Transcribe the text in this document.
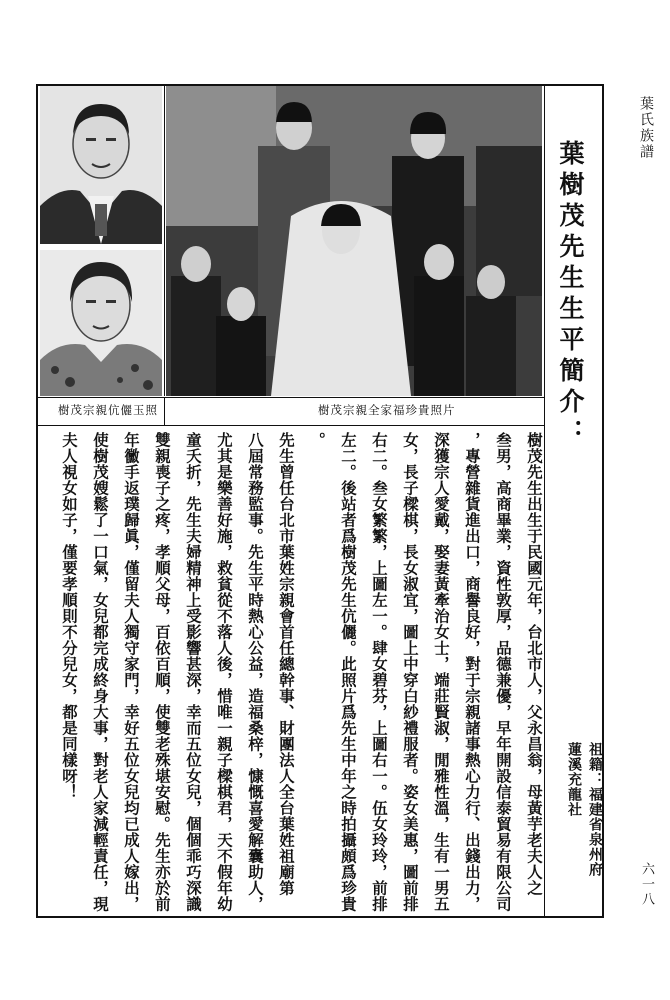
葉氏族譜
六一八
樹茂宗親伉儷玉照	樹茂宗親全家福珍貴照片	葉樹茂先生生平簡介：
祖籍：福建省泉州府
蓮溪充龍社
樹茂先生出生于民國元年，台北市人，父永昌翁，母黃芋老夫人之
叁男，高商畢業，資性敦厚，品德兼優，早年開設信泰貿易有限公司
，專營雜貨進出口，商譽良好，對于宗親諸事熱心力行、出錢出力，
深獲宗人愛戴，娶妻黃牽治女士，端莊賢淑，閒雅性溫，生有一男五
女，長子樑棋，長女淑宜，圖上中穿白紗禮服者。姿女美惠，圖前排
右二。叁女繁繁，上圖左一。肆女碧芬，上圖右一。伍女玲玲，前排
左二。後站者爲樹茂先生伉儷。此照片爲先生中年之時拍攝頗爲珍貴
。
先生曾任台北市葉姓宗親會首任總幹事、財團法人全台葉姓祖廟第
八屆常務監事。先生平時熱心公益，造福桑梓，慷慨喜愛解囊助人，
尤其是樂善好施，救貧從不落人後，惜唯一親子樑棋君，天不假年幼
童夭折，先生夫婦精神上受影響甚深，幸而五位女兒，個個乖巧深識
雙親喪子之疼，孝順父母，百依百順，使雙老殊堪安慰。先生亦於前
年黴手返璞歸眞，僅留夫人獨守家門，幸好五位女兒均已成人嫁出，
使樹茂嫂鬆了一口氣，女兒都完成終身大事，對老人家減輕責任，現
夫人視女如子，僅要孝順則不分兒女，都是同樣呀！
